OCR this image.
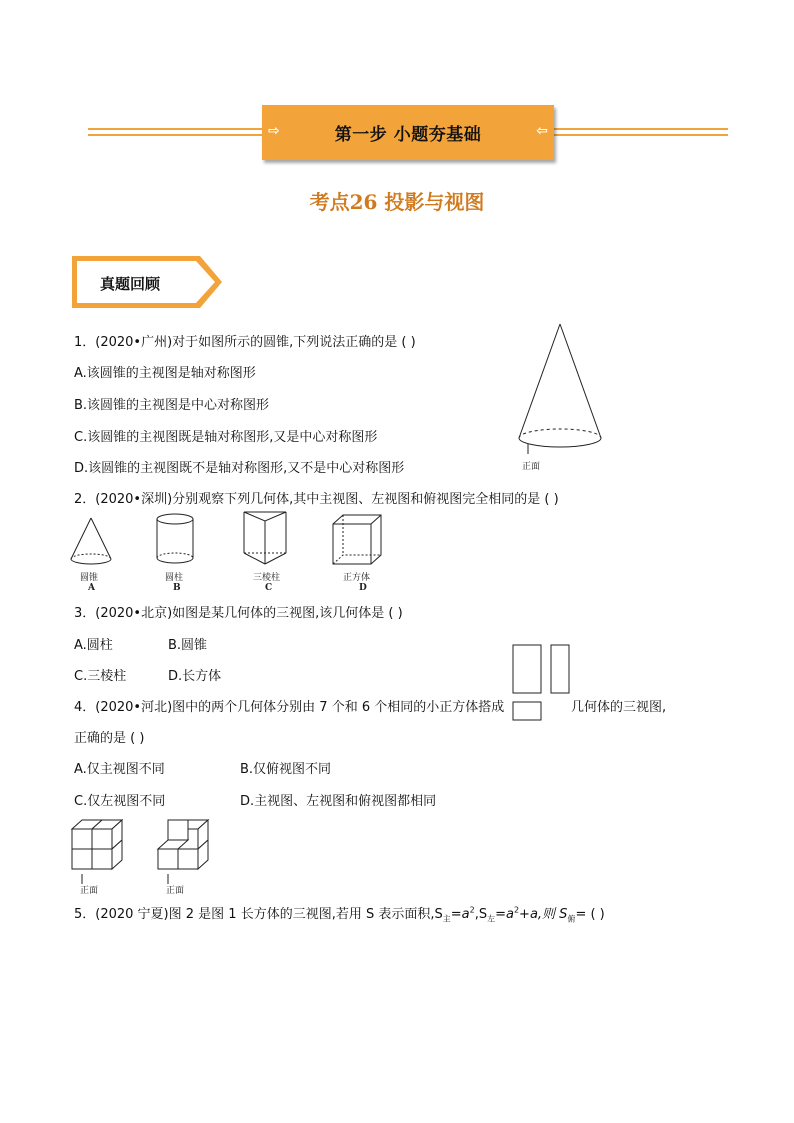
⇨	第一步 小题夯基础	⇦
考点26 投影与视图
真题回顾
1．(2020•广州)对于如图所示的圆锥,下列说法正确的是 ( )
A.该圆锥的主视图是轴对称图形
B.该圆锥的主视图是中心对称图形
C.该圆锥的主视图既是轴对称图形,又是中心对称图形
D.该圆锥的主视图既不是轴对称图形,又不是中心对称图形	正面
2．(2020•深圳)分别观察下列几何体,其中主视图、左视图和俯视图完全相同的是 ( )
圆锥
A
圆柱
B
三棱柱
C
正方体
D
3．(2020•北京)如图是某几何体的三视图,该几何体是 ( )
A.圆柱	B.圆锥
C.三棱柱	D.长方体
4．(2020•河北)图中的两个几何体分别由 7 个和 6 个相同的小正方体搭成	几何体的三视图,
正确的是 ( )
A.仅主视图不同	B.仅俯视图不同
C.仅左视图不同	D.主视图、左视图和俯视图都相同
正面	正面
5．(2020 宁夏)图 2 是图 1 长方体的三视图,若用 S 表示面积$,S_主=a^2,S_左=a^2+a$,则 $S_俯=$ ( )
